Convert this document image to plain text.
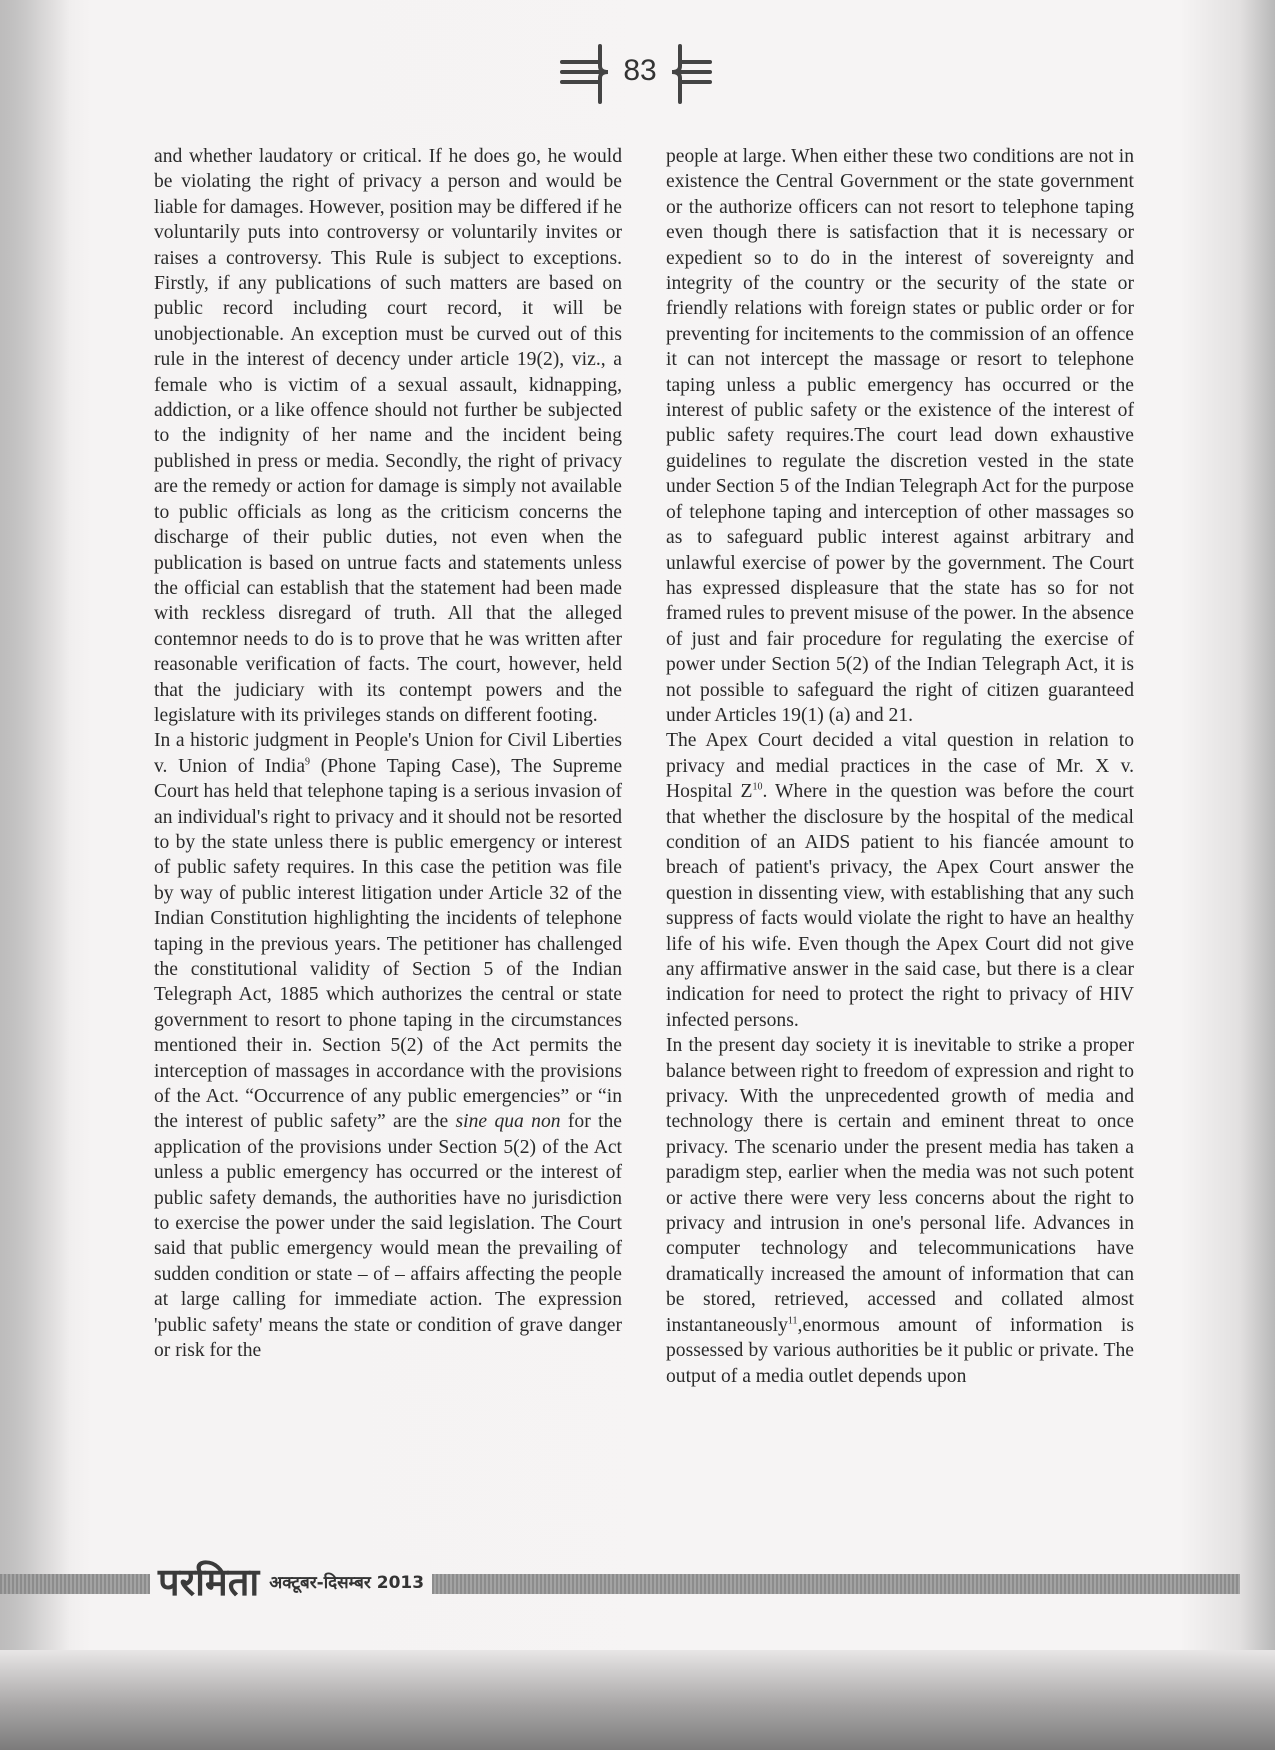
83

and whether laudatory or critical. If he does go, he would be violating the right of privacy a person and would be liable for damages. However, position may be differed if he voluntarily puts into controversy or voluntarily invites or raises a controversy. This Rule is subject to exceptions. Firstly, if any publications of such matters are based on public record including court record, it will be unobjectionable. An exception must be curved out of this rule in the interest of decency under article 19(2), viz., a female who is victim of a sexual assault, kidnapping, addiction, or a like offence should not further be subjected to the indignity of her name and the incident being published in press or media. Secondly, the right of privacy are the remedy or action for damage is simply not available to public officials as long as the criticism concerns the discharge of their public duties, not even when the publication is based on untrue facts and statements unless the official can establish that the statement had been made with reckless disregard of truth. All that the alleged contemnor needs to do is to prove that he was written after reasonable verification of facts. The court, however, held that the judiciary with its contempt powers and the legislature with its privileges stands on different footing.

In a historic judgment in People's Union for Civil Liberties v. Union of India$^9$ (Phone Taping Case), The Supreme Court has held that telephone taping is a serious invasion of an individual's right to privacy and it should not be resorted to by the state unless there is public emergency or interest of public safety requires. In this case the petition was file by way of public interest litigation under Article 32 of the Indian Constitution highlighting the incidents of telephone taping in the previous years. The petitioner has challenged the constitutional validity of Section 5 of the Indian Telegraph Act, 1885 which authorizes the central or state government to resort to phone taping in the circumstances mentioned their in. Section 5(2) of the Act permits the interception of massages in accordance with the provisions of the Act. “Occurrence of any public emergencies” or “in the interest of public safety” are the sine qua non for the application of the provisions under Section 5(2) of the Act unless a public emergency has occurred or the interest of public safety demands, the authorities have no jurisdiction to exercise the power under the said legislation. The Court said that public emergency would mean the prevailing of sudden condition or state – of – affairs affecting the people at large calling for immediate action. The expression 'public safety' means the state or condition of grave danger or risk for the

people at large. When either these two conditions are not in existence the Central Government or the state government or the authorize officers can not resort to telephone taping even though there is satisfaction that it is necessary or expedient so to do in the interest of sovereignty and integrity of the country or the security of the state or friendly relations with foreign states or public order or for preventing for incitements to the commission of an offence it can not intercept the massage or resort to telephone taping unless a public emergency has occurred or the interest of public safety or the existence of the interest of public safety requires.The court lead down exhaustive guidelines to regulate the discretion vested in the state under Section 5 of the Indian Telegraph Act for the purpose of telephone taping and interception of other massages so as to safeguard public interest against arbitrary and unlawful exercise of power by the government. The Court has expressed displeasure that the state has so for not framed rules to prevent misuse of the power. In the absence of just and fair procedure for regulating the exercise of power under Section 5(2) of the Indian Telegraph Act, it is not possible to safeguard the right of citizen guaranteed under Articles 19(1) (a) and 21.

The Apex Court decided a vital question in relation to privacy and medial practices in the case of Mr. X v. Hospital $Z^{10}$. Where in the question was before the court that whether the disclosure by the hospital of the medical condition of an AIDS patient to his fiancée amount to breach of patient's privacy, the Apex Court answer the question in dissenting view, with establishing that any such suppress of facts would violate the right to have an healthy life of his wife. Even though the Apex Court did not give any affirmative answer in the said case, but there is a clear indication for need to protect the right to privacy of HIV infected persons.

In the present day society it is inevitable to strike a proper balance between right to freedom of expression and right to privacy. With the unprecedented growth of media and technology there is certain and eminent threat to once privacy. The scenario under the present media has taken a paradigm step, earlier when the media was not such potent or active there were very less concerns about the right to privacy and intrusion in one's personal life. Advances in computer technology and telecommunications have dramatically increased the amount of information that can be stored, retrieved, accessed and collated almost instantaneously$^{11}$,enormous amount of information is possessed by various authorities be it public or private. The output of a media outlet depends upon

परमिता अक्टूबर-दिसम्बर 2013
